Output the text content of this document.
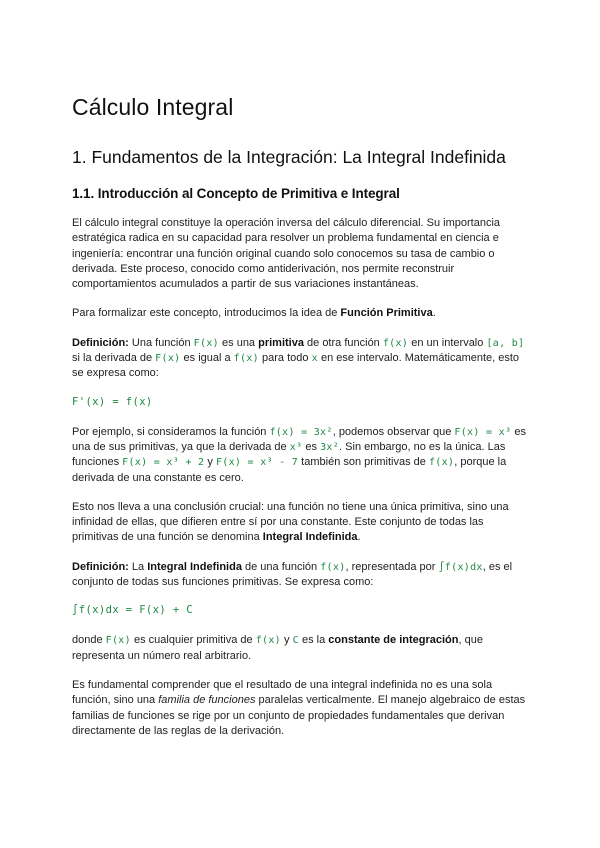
Cálculo Integral
1. Fundamentos de la Integración: La Integral Indefinida
1.1. Introducción al Concepto de Primitiva e Integral

El cálculo integral constituye la operación inversa del cálculo diferencial. Su importancia estratégica radica en su capacidad para resolver un problema fundamental en ciencia e ingeniería: encontrar una función original cuando solo conocemos su tasa de cambio o derivada. Este proceso, conocido como antiderivación, nos permite reconstruir comportamientos acumulados a partir de sus variaciones instantáneas.

Para formalizar este concepto, introducimos la idea de Función Primitiva.

Definición: Una función F(x) es una primitiva de otra función f(x) en un intervalo [a, b] si la derivada de F(x) es igual a f(x) para todo x en ese intervalo. Matemáticamente, esto se expresa como:

F'(x) = f(x)

Por ejemplo, si consideramos la función f(x) = 3x², podemos observar que F(x) = x³ es una de sus primitivas, ya que la derivada de x³ es 3x². Sin embargo, no es la única. Las funciones F(x) = x³ + 2 y F(x) = x³ - 7 también son primitivas de f(x), porque la derivada de una constante es cero.

Esto nos lleva a una conclusión crucial: una función no tiene una única primitiva, sino una infinidad de ellas, que difieren entre sí por una constante. Este conjunto de todas las primitivas de una función se denomina Integral Indefinida.

Definición: La Integral Indefinida de una función f(x), representada por ∫f(x)dx, es el conjunto de todas sus funciones primitivas. Se expresa como:

∫f(x)dx = F(x) + C

donde F(x) es cualquier primitiva de f(x) y C es la constante de integración, que representa un número real arbitrario.

Es fundamental comprender que el resultado de una integral indefinida no es una sola función, sino una familia de funciones paralelas verticalmente. El manejo algebraico de estas familias de funciones se rige por un conjunto de propiedades fundamentales que derivan directamente de las reglas de la derivación.
